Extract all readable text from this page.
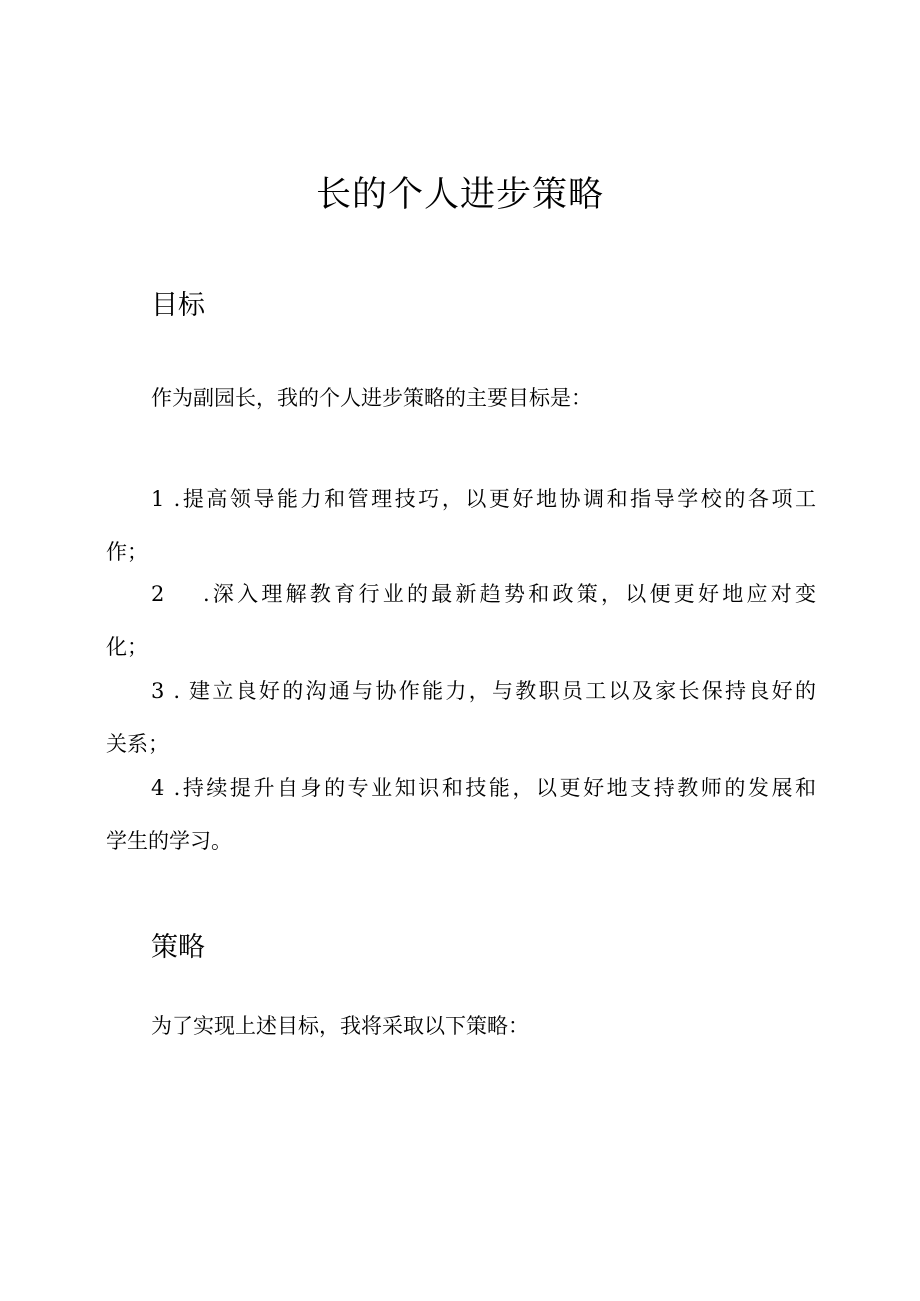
长的个人进步策略
目标
作为副园长，我的个人进步策略的主要目标是：
1 .提高领导能力和管理技巧，以更好地协调和指导学校的各项工
作；
2 .深入理解教育行业的最新趋势和政策，以便更好地应对变
化；
3 . 建立良好的沟通与协作能力，与教职员工以及家长保持良好的
关系；
4 .持续提升自身的专业知识和技能，以更好地支持教师的发展和
学生的学习。
策略
为了实现上述目标，我将采取以下策略：
